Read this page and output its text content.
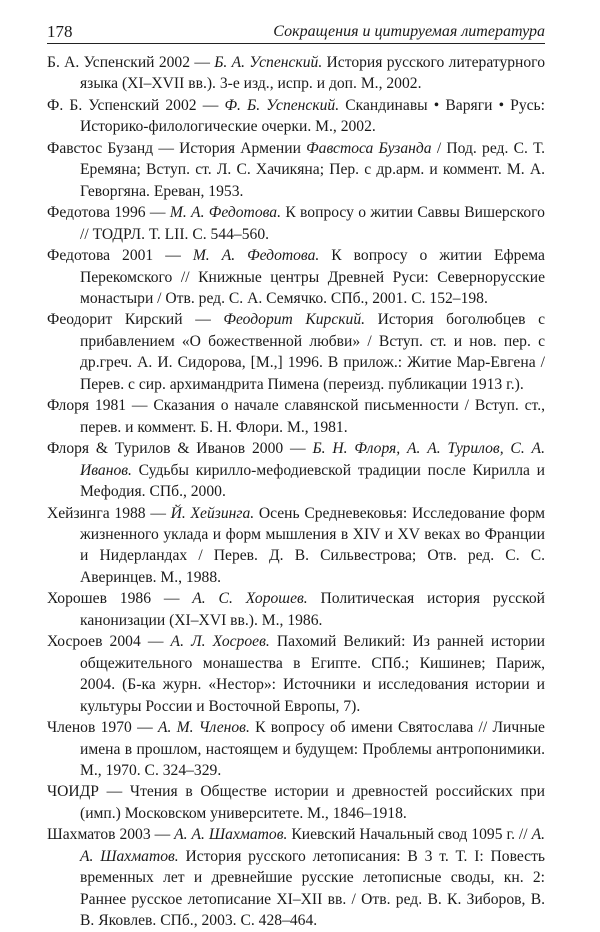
178	Сокращения и цитируемая литература

Б. А. Успенский 2002 — Б. А. Успенский. История русского литературного языка (XI–XVII вв.). 3-е изд., испр. и доп. М., 2002.

Ф. Б. Успенский 2002 — Ф. Б. Успенский. Скандинавы • Варяги • Русь: Историко-филологические очерки. М., 2002.

Фавстос Бузанд — История Армении Фавстоса Бузанда / Под. ред. С. Т. Еремяна; Вступ. ст. Л. С. Хачикяна; Пер. с др.арм. и коммент. М. А. Геворгяна. Ереван, 1953.

Федотова 1996 — М. А. Федотова. К вопросу о житии Саввы Вишерского // ТОДРЛ. Т. LII. С. 544–560.

Федотова 2001 — М. А. Федотова. К вопросу о житии Ефрема Перекомского // Книжные центры Древней Руси: Северноруccкие монастыри / Отв. ред. С. А. Семячко. СПб., 2001. С. 152–198.

Феодорит Кирский — Феодорит Кирский. История боголюбцев с прибавлением «О божественной любви» / Вступ. ст. и нов. пер. с др.греч. А. И. Сидорова, [М.,] 1996. В прилож.: Житие Мар-Евгена / Перев. с сир. архимандрита Пимена (переизд. публикации 1913 г.).

Флоря 1981 — Сказания о начале славянской письменности / Вступ. ст., перев. и коммент. Б. Н. Флори. М., 1981.

Флоря & Турилов & Иванов 2000 — Б. Н. Флоря, А. А. Турилов, С. А. Иванов. Судьбы кирилло-мефодиевской традиции после Кирилла и Мефодия. СПб., 2000.

Хейзинга 1988 — Й. Хейзинга. Осень Средневековья: Исследование форм жизненного уклада и форм мышления в XIV и XV веках во Франции и Нидерландах / Перев. Д. В. Сильвестрова; Отв. ред. С. С. Аверинцев. М., 1988.

Хорошев 1986 — А. С. Хорошев. Политическая история русской канонизации (XI–XVI вв.). М., 1986.

Хосроев 2004 — А. Л. Хосроев. Пахомий Великий: Из ранней истории общежительного монашества в Египте. СПб.; Кишинев; Париж, 2004. (Б-ка журн. «Нестор»: Источники и исследования истории и культуры России и Восточной Европы, 7).

Членов 1970 — А. М. Членов. К вопросу об имени Святослава // Личные имена в прошлом, настоящем и будущем: Проблемы антропонимики. М., 1970. С. 324–329.

ЧОИДР — Чтения в Обществе истории и древностей российских при (имп.) Московском университете. М., 1846–1918.

Шахматов 2003 — А. А. Шахматов. Киевский Начальный свод 1095 г. // А. А. Шахматов. История русского летописания: В 3 т. Т. I: Повесть временных лет и древнейшие русские летописные своды, кн. 2: Раннее русское летописание XI–XII вв. / Отв. ред. В. К. Зиборов, В. В. Яковлев. СПб., 2003. С. 428–464.
